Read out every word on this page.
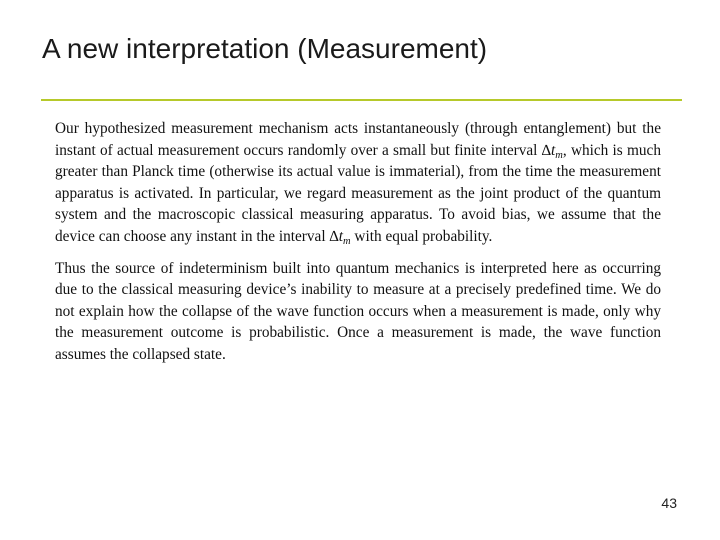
A new interpretation (Measurement)

Our hypothesized measurement mechanism acts instantaneously (through entanglement) but the instant of actual measurement occurs randomly over a small but finite interval $\Delta t_m$, which is much greater than Planck time (otherwise its actual value is immaterial), from the time the measurement apparatus is activated. In particular, we regard measurement as the joint product of the quantum system and the macroscopic classical measuring apparatus. To avoid bias, we assume that the device can choose any instant in the interval $\Delta t_m$ with equal probability.

Thus the source of indeterminism built into quantum mechanics is interpreted here as occurring due to the classical measuring device’s inability to measure at a precisely predefined time. We do not explain how the collapse of the wave function occurs when a measurement is made, only why the measurement outcome is probabilistic. Once a measurement is made, the wave function assumes the collapsed state.

43
